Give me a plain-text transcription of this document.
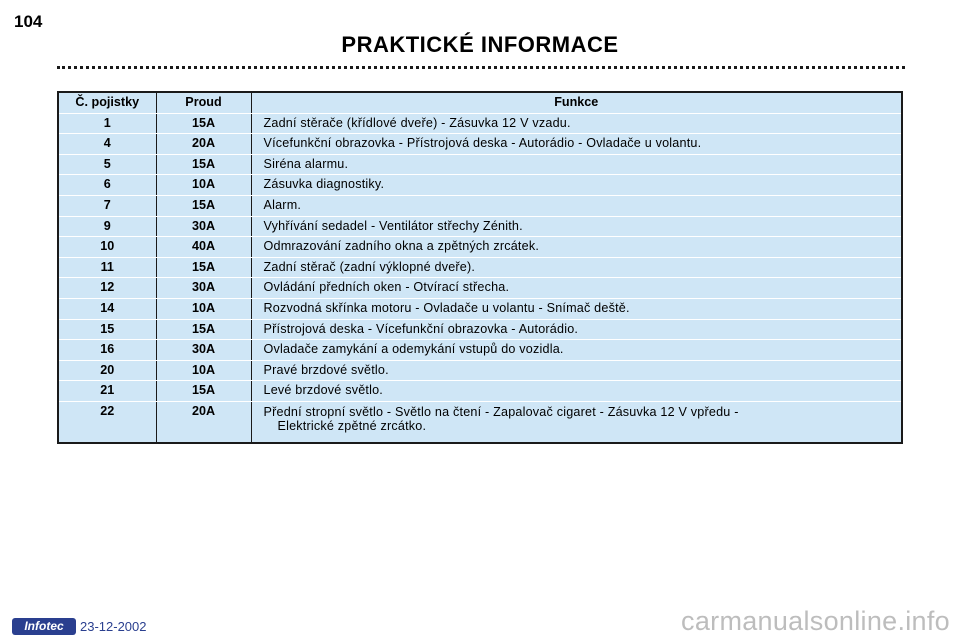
104
PRAKTICKÉ INFORMACE
Č. pojistky	Proud	Funkce
1	15A	Zadní stěrače (křídlové dveře) - Zásuvka 12 V vzadu.
4	20A	Vícefunkční obrazovka - Přístrojová deska - Autorádio - Ovladače u volantu.
5	15A	Siréna alarmu.
6	10A	Zásuvka diagnostiky.
7	15A	Alarm.
9	30A	Vyhřívání sedadel - Ventilátor střechy Zénith.
10	40A	Odmrazování zadního okna a zpětných zrcátek.
11	15A	Zadní stěrač (zadní výklopné dveře).
12	30A	Ovládání předních oken - Otvírací střecha.
14	10A	Rozvodná skřínka motoru - Ovladače u volantu - Snímač deště.
15	15A	Přístrojová deska - Vícefunkční obrazovka - Autorádio.
16	30A	Ovladače zamykání a odemykání vstupů do vozidla.
20	10A	Pravé brzdové světlo.
21	15A	Levé brzdové světlo.
22	20A	Přední stropní světlo - Světlo na čtení - Zapalovač cigaret - Zásuvka 12 V vpředu -
Elektrické zpětné zrcátko.
Infotec	23-12-2002	carmanualsonline.info
